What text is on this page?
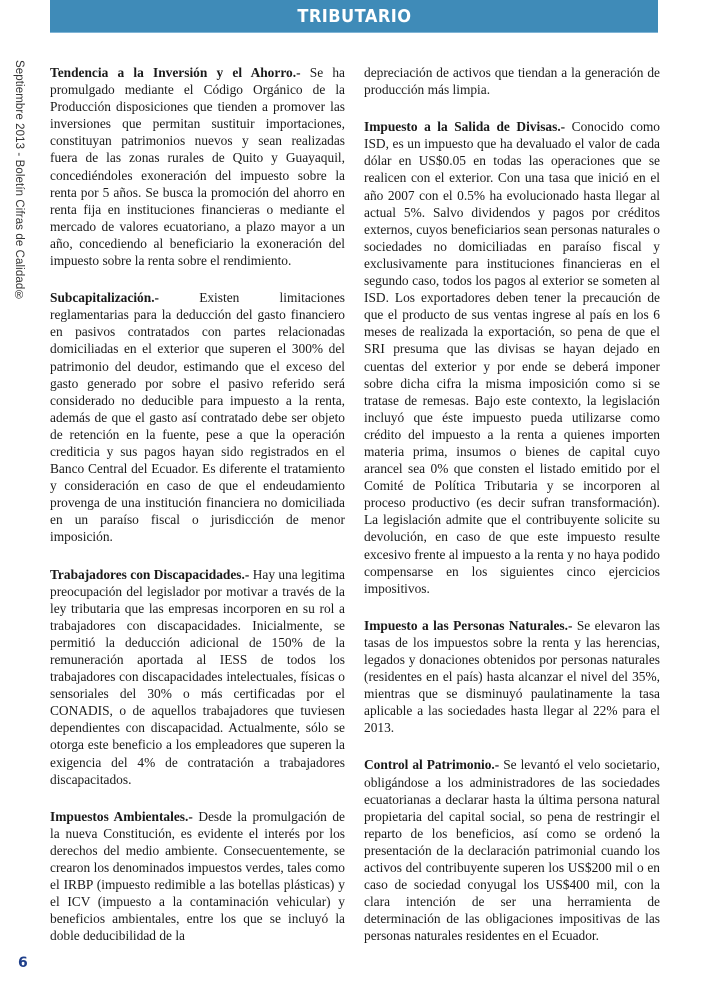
TRIBUTARIO
Septiembre 2013 - Boletín Cifras de Calidad®
6

Tendencia a la Inversión y el Ahorro.- Se ha promulgado mediante el Código Orgánico de la Producción disposiciones que tienden a promover las inversiones que permitan sustituir importaciones, constituyan patrimonios nuevos y sean realizadas fuera de las zonas rurales de Quito y Guayaquil, concediéndoles exoneración del impuesto sobre la renta por 5 años. Se busca la promoción del ahorro en renta fija en instituciones financieras o mediante el mercado de valores ecuatoriano, a plazo mayor a un año, concediendo al beneficiario la exoneración del impuesto sobre la renta sobre el rendimiento.

Subcapitalización.-	Existen limitaciones reglamentarias para la deducción del gasto financiero en pasivos contratados con partes relacionadas domiciliadas en el exterior que superen el 300% del patrimonio del deudor, estimando que el exceso del gasto generado por sobre el pasivo referido será considerado no deducible para impuesto a la renta, además de que el gasto así contratado debe ser objeto de retención en la fuente, pese a que la operación crediticia y sus pagos hayan sido registrados en el Banco Central del Ecuador. Es diferente el tratamiento y consideración en caso de que el endeudamiento provenga de una institución financiera no domiciliada en un paraíso fiscal o jurisdicción de menor imposición.

Trabajadores con Discapacidades.- Hay una legitima preocupación del legislador por motivar a través de la ley tributaria que las empresas incorporen en su rol a trabajadores con discapacidades. Inicialmente, se permitió la deducción adicional de 150% de la remuneración aportada al IESS de todos los trabajadores con discapacidades intelectuales, físicas o sensoriales del 30% o más certificadas por el CONADIS, o de aquellos trabajadores que tuviesen dependientes con discapacidad. Actualmente, sólo se otorga este beneficio a los empleadores que superen la exigencia del 4% de contratación a trabajadores discapacitados.

Impuestos Ambientales.- Desde la promulgación de la nueva Constitución, es evidente el interés por los derechos del medio ambiente. Consecuentemente, se crearon los denominados impuestos verdes, tales como el IRBP (impuesto redimible a las botellas plásticas) y el ICV (impuesto a la contaminación vehicular) y beneficios ambientales, entre los que se incluyó la doble deducibilidad de la

depreciación de activos que tiendan a la generación de producción más limpia.

Impuesto a la Salida de Divisas.- Conocido como ISD, es un impuesto que ha devaluado el valor de cada dólar en US$0.05 en todas las operaciones que se realicen con el exterior. Con una tasa que inició en el año 2007 con el 0.5% ha evolucionado hasta llegar al actual 5%. Salvo dividendos y pagos por créditos externos, cuyos beneficiarios sean personas naturales o sociedades no domiciliadas en paraíso fiscal y exclusivamente para instituciones financieras en el segundo caso, todos los pagos al exterior se someten al ISD. Los exportadores deben tener la precaución de que el producto de sus ventas ingrese al país en los 6 meses de realizada la exportación, so pena de que el SRI presuma que las divisas se hayan dejado en cuentas del exterior y por ende se deberá imponer sobre dicha cifra la misma imposición como si se tratase de remesas. Bajo este contexto, la legislación incluyó que éste impuesto pueda utilizarse como crédito del impuesto a la renta a quienes importen materia prima, insumos o bienes de capital cuyo arancel sea 0% que consten el listado emitido por el Comité de Política Tributaria y se incorporen al proceso productivo (es decir sufran transformación). La legislación admite que el contribuyente solicite su devolución, en caso de que este impuesto resulte excesivo frente al impuesto a la renta y no haya podido compensarse en los siguientes cinco ejercicios impositivos.

Impuesto a las Personas Naturales.- Se elevaron las tasas de los impuestos sobre la renta y las herencias, legados y donaciones obtenidos por personas naturales (residentes en el país) hasta alcanzar el nivel del 35%, mientras que se disminuyó paulatinamente la tasa aplicable a las sociedades hasta llegar al 22% para el 2013.

Control al Patrimonio.- Se levantó el velo societario, obligándose a los administradores de las sociedades ecuatorianas a declarar hasta la última persona natural propietaria del capital social, so pena de restringir el reparto de los beneficios, así como se ordenó la presentación de la declaración patrimonial cuando los activos del contribuyente superen los US$200 mil o en caso de sociedad conyugal los US$400 mil, con la clara intención de ser una herramienta de determinación de las obligaciones impositivas de las personas naturales residentes en el Ecuador.
